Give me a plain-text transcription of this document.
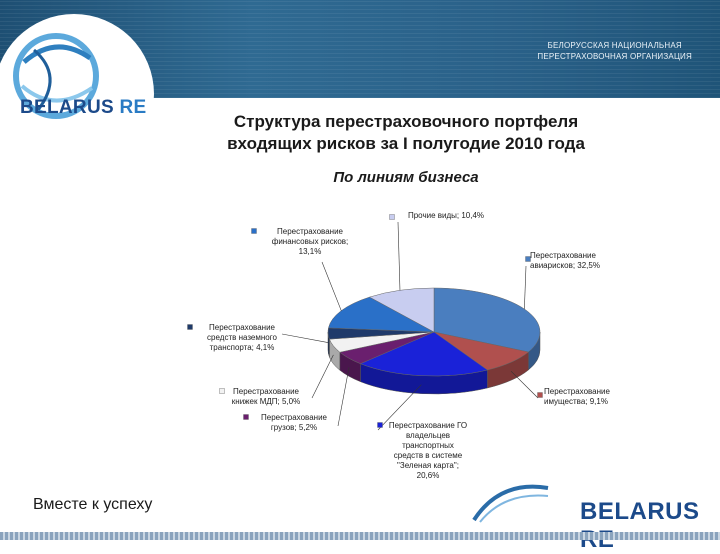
БЕЛОРУССКАЯ НАЦИОНАЛЬНАЯ
ПЕРЕСТРАХОВОЧНАЯ ОРГАНИЗАЦИЯ
BELARUS RE
Структура перестраховочного портфеля
входящих рисков за I полугодие 2010 года
По линиям бизнеса
Перестрахование авиарисков; 32,5%
Перестрахование имущества; 9,1%
Перестрахование ГО владельцев транспортных средств в системе "Зеленая карта"; 20,6%
Перестрахование грузов; 5,2%
Перестрахование книжек МДП; 5,0%
Перестрахование средств наземного транспорта; 4,1%
Перестрахование финансовых рисков; 13,1%
Прочие виды; 10,4%
Вместе к успеху	BELARUS
